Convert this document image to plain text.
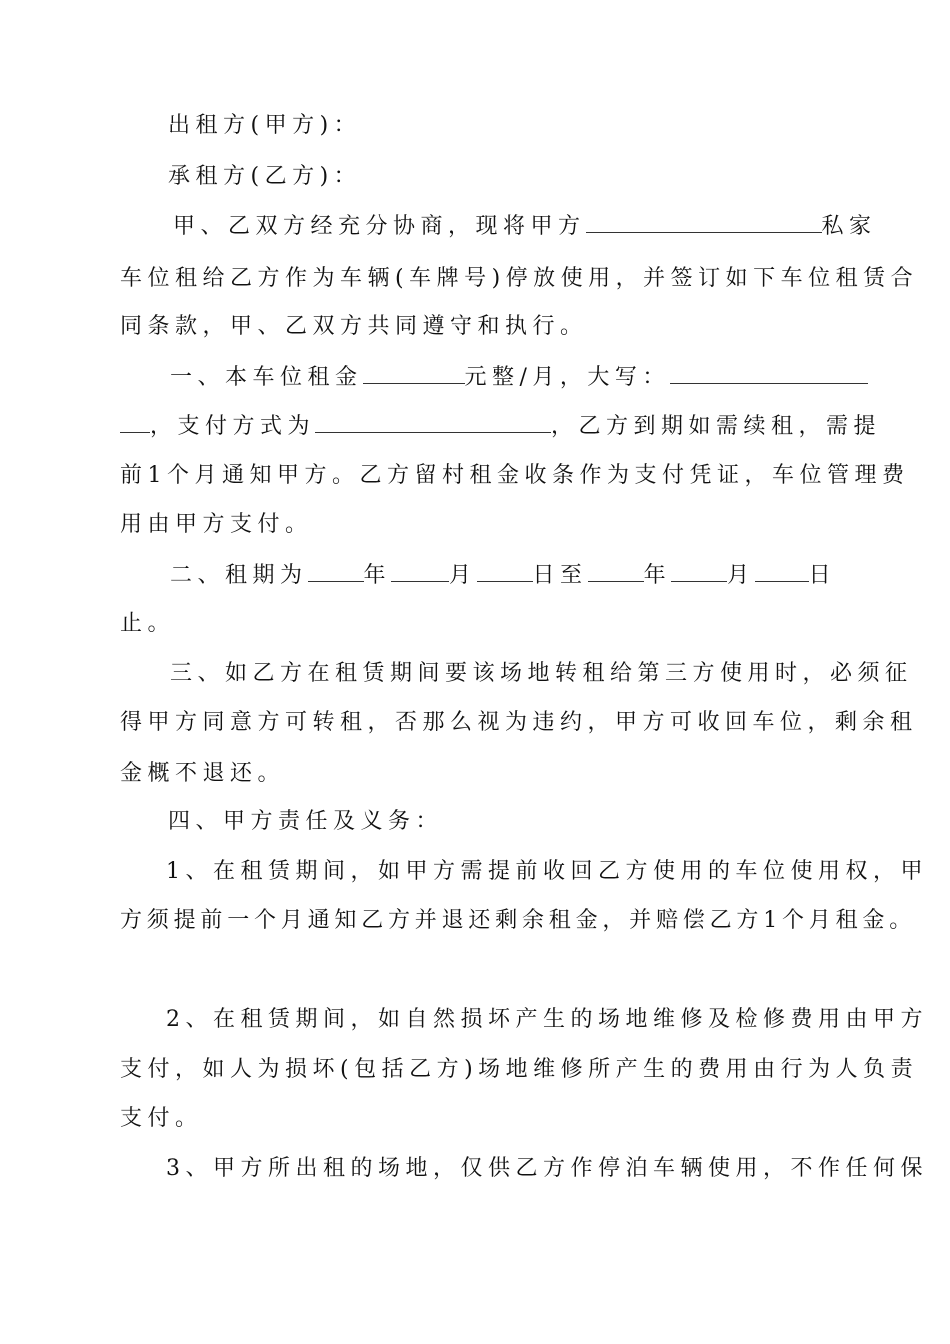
出租方(甲方)：
承租方(乙方)：
甲、乙双方经充分协商，现将甲方	私家
车位租给乙方作为车辆(车牌号)停放使用，并签订如下车位租赁合
同条款，甲、乙双方共同遵守和执行。
一、本车位租金	元整/月，大写：
，支付方式为	，乙方到期如需续租，需提
前1个月通知甲方。乙方留村租金收条作为支付凭证，车位管理费
用由甲方支付。
二、租期为	年	月	日至	年	月 日
止。
三、如乙方在租赁期间要该场地转租给第三方使用时，必须征
得甲方同意方可转租，否那么视为违约，甲方可收回车位，剩余租
金概不退还。
四、甲方责任及义务：
1、在租赁期间，如甲方需提前收回乙方使用的车位使用权，甲
方须提前一个月通知乙方并退还剩余租金，并赔偿乙方1个月租金。
2、在租赁期间，如自然损坏产生的场地维修及检修费用由甲方
支付，如人为损坏(包括乙方)场地维修所产生的费用由行为人负责
支付。
3、甲方所出租的场地，仅供乙方作停泊车辆使用，不作任何保
